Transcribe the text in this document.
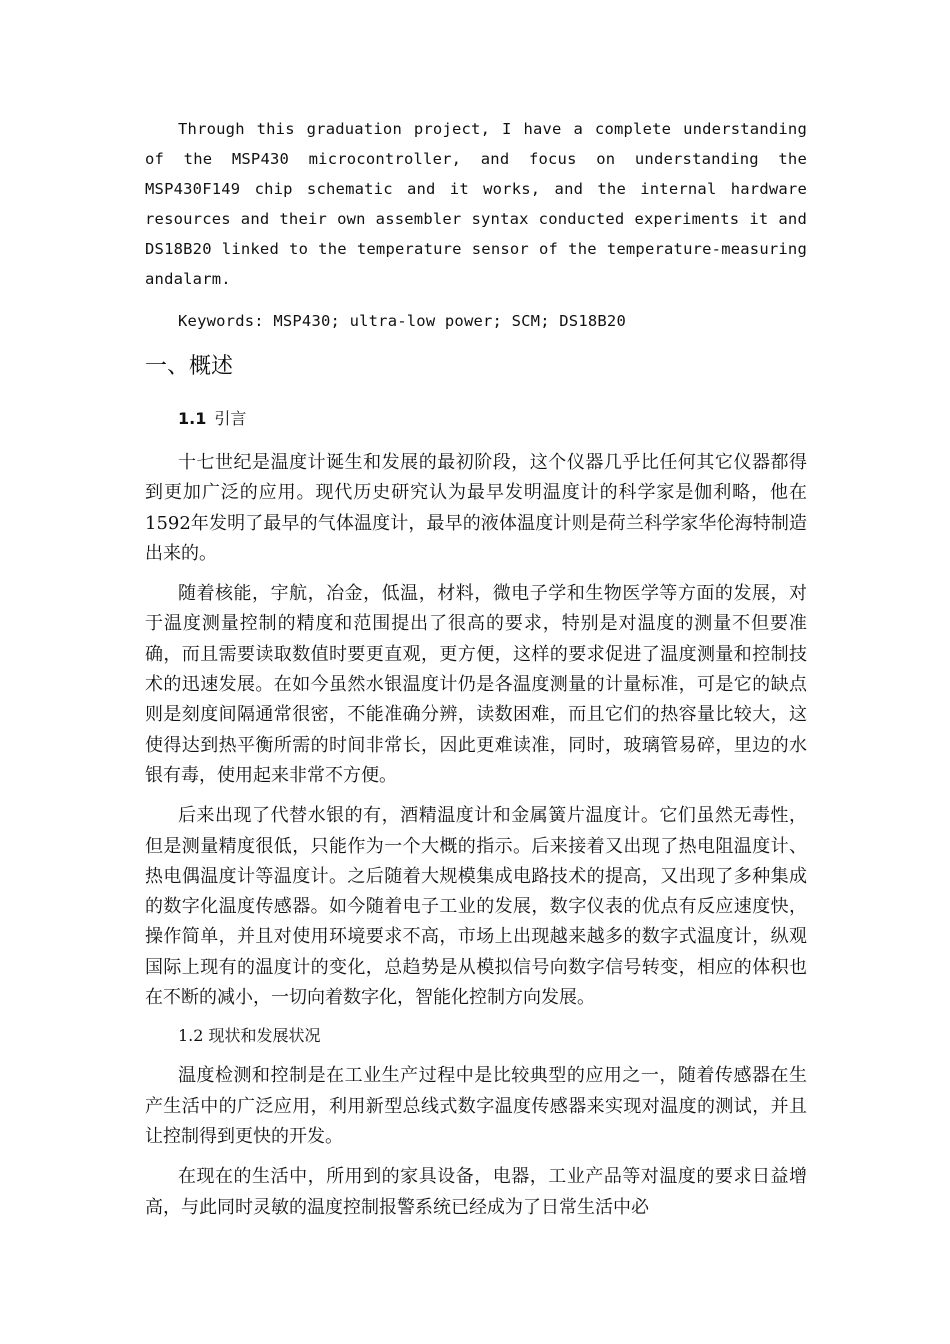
Through this graduation project, I have a complete understanding of the MSP430 microcontroller, and focus on understanding the MSP430F149 chip schematic and it works, and the internal hardware resources and their own assembler syntax conducted experiments it and DS18B20 linked to the temperature sensor of the temperature-measuring andalarm.

Keywords: MSP430; ultra-low power; SCM; DS18B20

一、概述
1.1 引言

十七世纪是温度计诞生和发展的最初阶段，这个仪器几乎比任何其它仪器都得到更加广泛的应用。现代历史研究认为最早发明温度计的科学家是伽利略，他在1592年发明了最早的气体温度计，最早的液体温度计则是荷兰科学家华伦海特制造出来的。

随着核能，宇航，冶金，低温，材料，微电子学和生物医学等方面的发展，对于温度测量控制的精度和范围提出了很高的要求，特别是对温度的测量不但要准确，而且需要读取数值时要更直观，更方便，这样的要求促进了温度测量和控制技术的迅速发展。在如今虽然水银温度计仍是各温度测量的计量标准，可是它的缺点则是刻度间隔通常很密，不能准确分辨，读数困难，而且它们的热容量比较大，这使得达到热平衡所需的时间非常长，因此更难读准，同时，玻璃管易碎，里边的水银有毒，使用起来非常不方便。

后来出现了代替水银的有，酒精温度计和金属簧片温度计。它们虽然无毒性，但是测量精度很低，只能作为一个大概的指示。后来接着又出现了热电阻温度计、热电偶温度计等温度计。之后随着大规模集成电路技术的提高，又出现了多种集成的数字化温度传感器。如今随着电子工业的发展，数字仪表的优点有反应速度快，操作简单，并且对使用环境要求不高，市场上出现越来越多的数字式温度计，纵观国际上现有的温度计的变化，总趋势是从模拟信号向数字信号转变，相应的体积也在不断的减小，一切向着数字化，智能化控制方向发展。

1.2 现状和发展状况

温度检测和控制是在工业生产过程中是比较典型的应用之一，随着传感器在生产生活中的广泛应用，利用新型总线式数字温度传感器来实现对温度的测试，并且让控制得到更快的开发。

在现在的生活中，所用到的家具设备，电器，工业产品等对温度的要求日益增高，与此同时灵敏的温度控制报警系统已经成为了日常生活中必
